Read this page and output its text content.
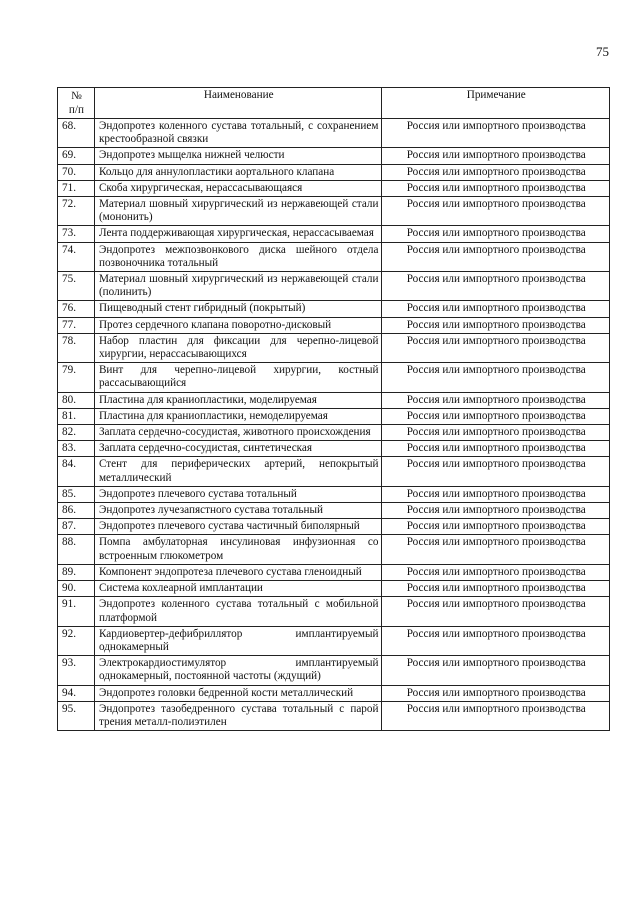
75
№
п/п	Наименование	Примечание
68.	Эндопротез коленного сустава тотальный, с сохранением крестообразной связки	Россия или импортного производства
69.	Эндопротез мыщелка нижней челюсти	Россия или импортного производства
70.	Кольцо для аннулопластики аортального клапана	Россия или импортного производства
71.	Скоба хирургическая, нерассасывающаяся	Россия или импортного производства
72.	Материал шовный хирургический из нержавеющей стали (мононить)	Россия или импортного производства
73.	Лента поддерживающая хирургическая, нерассасываемая	Россия или импортного производства
74.	Эндопротез межпозвонкового диска шейного отдела позвоночника тотальный	Россия или импортного производства
75.	Материал шовный хирургический из нержавеющей стали (полинить)	Россия или импортного производства
76.	Пищеводный стент гибридный (покрытый)	Россия или импортного производства
77.	Протез сердечного клапана поворотно-дисковый	Россия или импортного производства
78.	Набор пластин для фиксации для черепно-лицевой хирургии, нерассасывающихся	Россия или импортного производства
79.	Винт для черепно-лицевой хирургии, костный рассасывающийся	Россия или импортного производства
80.	Пластина для краниопластики, моделируемая	Россия или импортного производства
81.	Пластина для краниопластики, немоделируемая	Россия или импортного производства
82.	Заплата сердечно-сосудистая, животного происхождения	Россия или импортного производства
83.	Заплата сердечно-сосудистая, синтетическая	Россия или импортного производства
84.	Стент для периферических артерий, непокрытый металлический	Россия или импортного производства
85.	Эндопротез плечевого сустава тотальный	Россия или импортного производства
86.	Эндопротез лучезапястного сустава тотальный	Россия или импортного производства
87.	Эндопротез плечевого сустава частичный биполярный	Россия или импортного производства
88.	Помпа амбулаторная инсулиновая инфузионная со встроенным глюкометром	Россия или импортного производства
89.	Компонент эндопротеза плечевого сустава гленоидный	Россия или импортного производства
90.	Система кохлеарной имплантации	Россия или импортного производства
91.	Эндопротез коленного сустава тотальный с мобильной платформой	Россия или импортного производства
92.	Кардиовертер-дефибриллятор имплантируемый однокамерный	Россия или импортного производства
93.	Электрокардиостимулятор имплантируемый однокамерный, постоянной частоты (ждущий)	Россия или импортного производства
94.	Эндопротез головки бедренной кости металлический	Россия или импортного производства
95.	Эндопротез тазобедренного сустава тотальный с парой трения металл-полиэтилен	Россия или импортного производства
